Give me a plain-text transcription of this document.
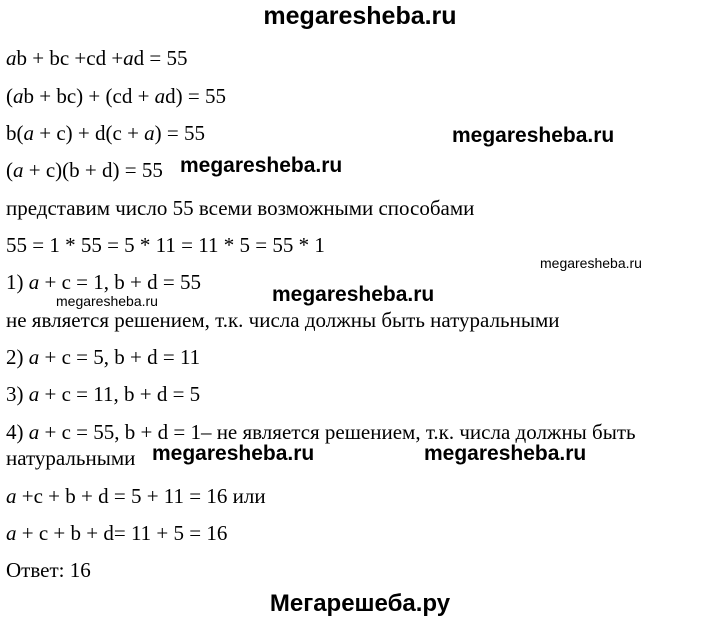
megaresheba.ru
ab + bc +cd +ad = 55
(ab + bc) + (cd + ad) = 55
b(a + c) + d(c + a) = 55
(a + c)(b + d) = 55
представим число 55 всеми возможными способами
55 = 1 * 55 = 5 * 11 = 11 * 5 = 55 * 1
1) a + c = 1, b + d = 55
не является решением, т.к. числа должны быть натуральными
2) a + c = 5, b + d = 11
3) a + c = 11, b + d = 5
4) a + c = 55, b + d = 1– не является решением, т.к. числа должны быть
натуральными
a +c + b + d = 5 + 11 = 16 или
a + c + b + d= 11 + 5 = 16
Ответ: 16
megaresheba.ru
megaresheba.ru
megaresheba.ru
megaresheba.ru	megaresheba.ru
megaresheba.ru	megaresheba.ru
Мегарешеба.ру
